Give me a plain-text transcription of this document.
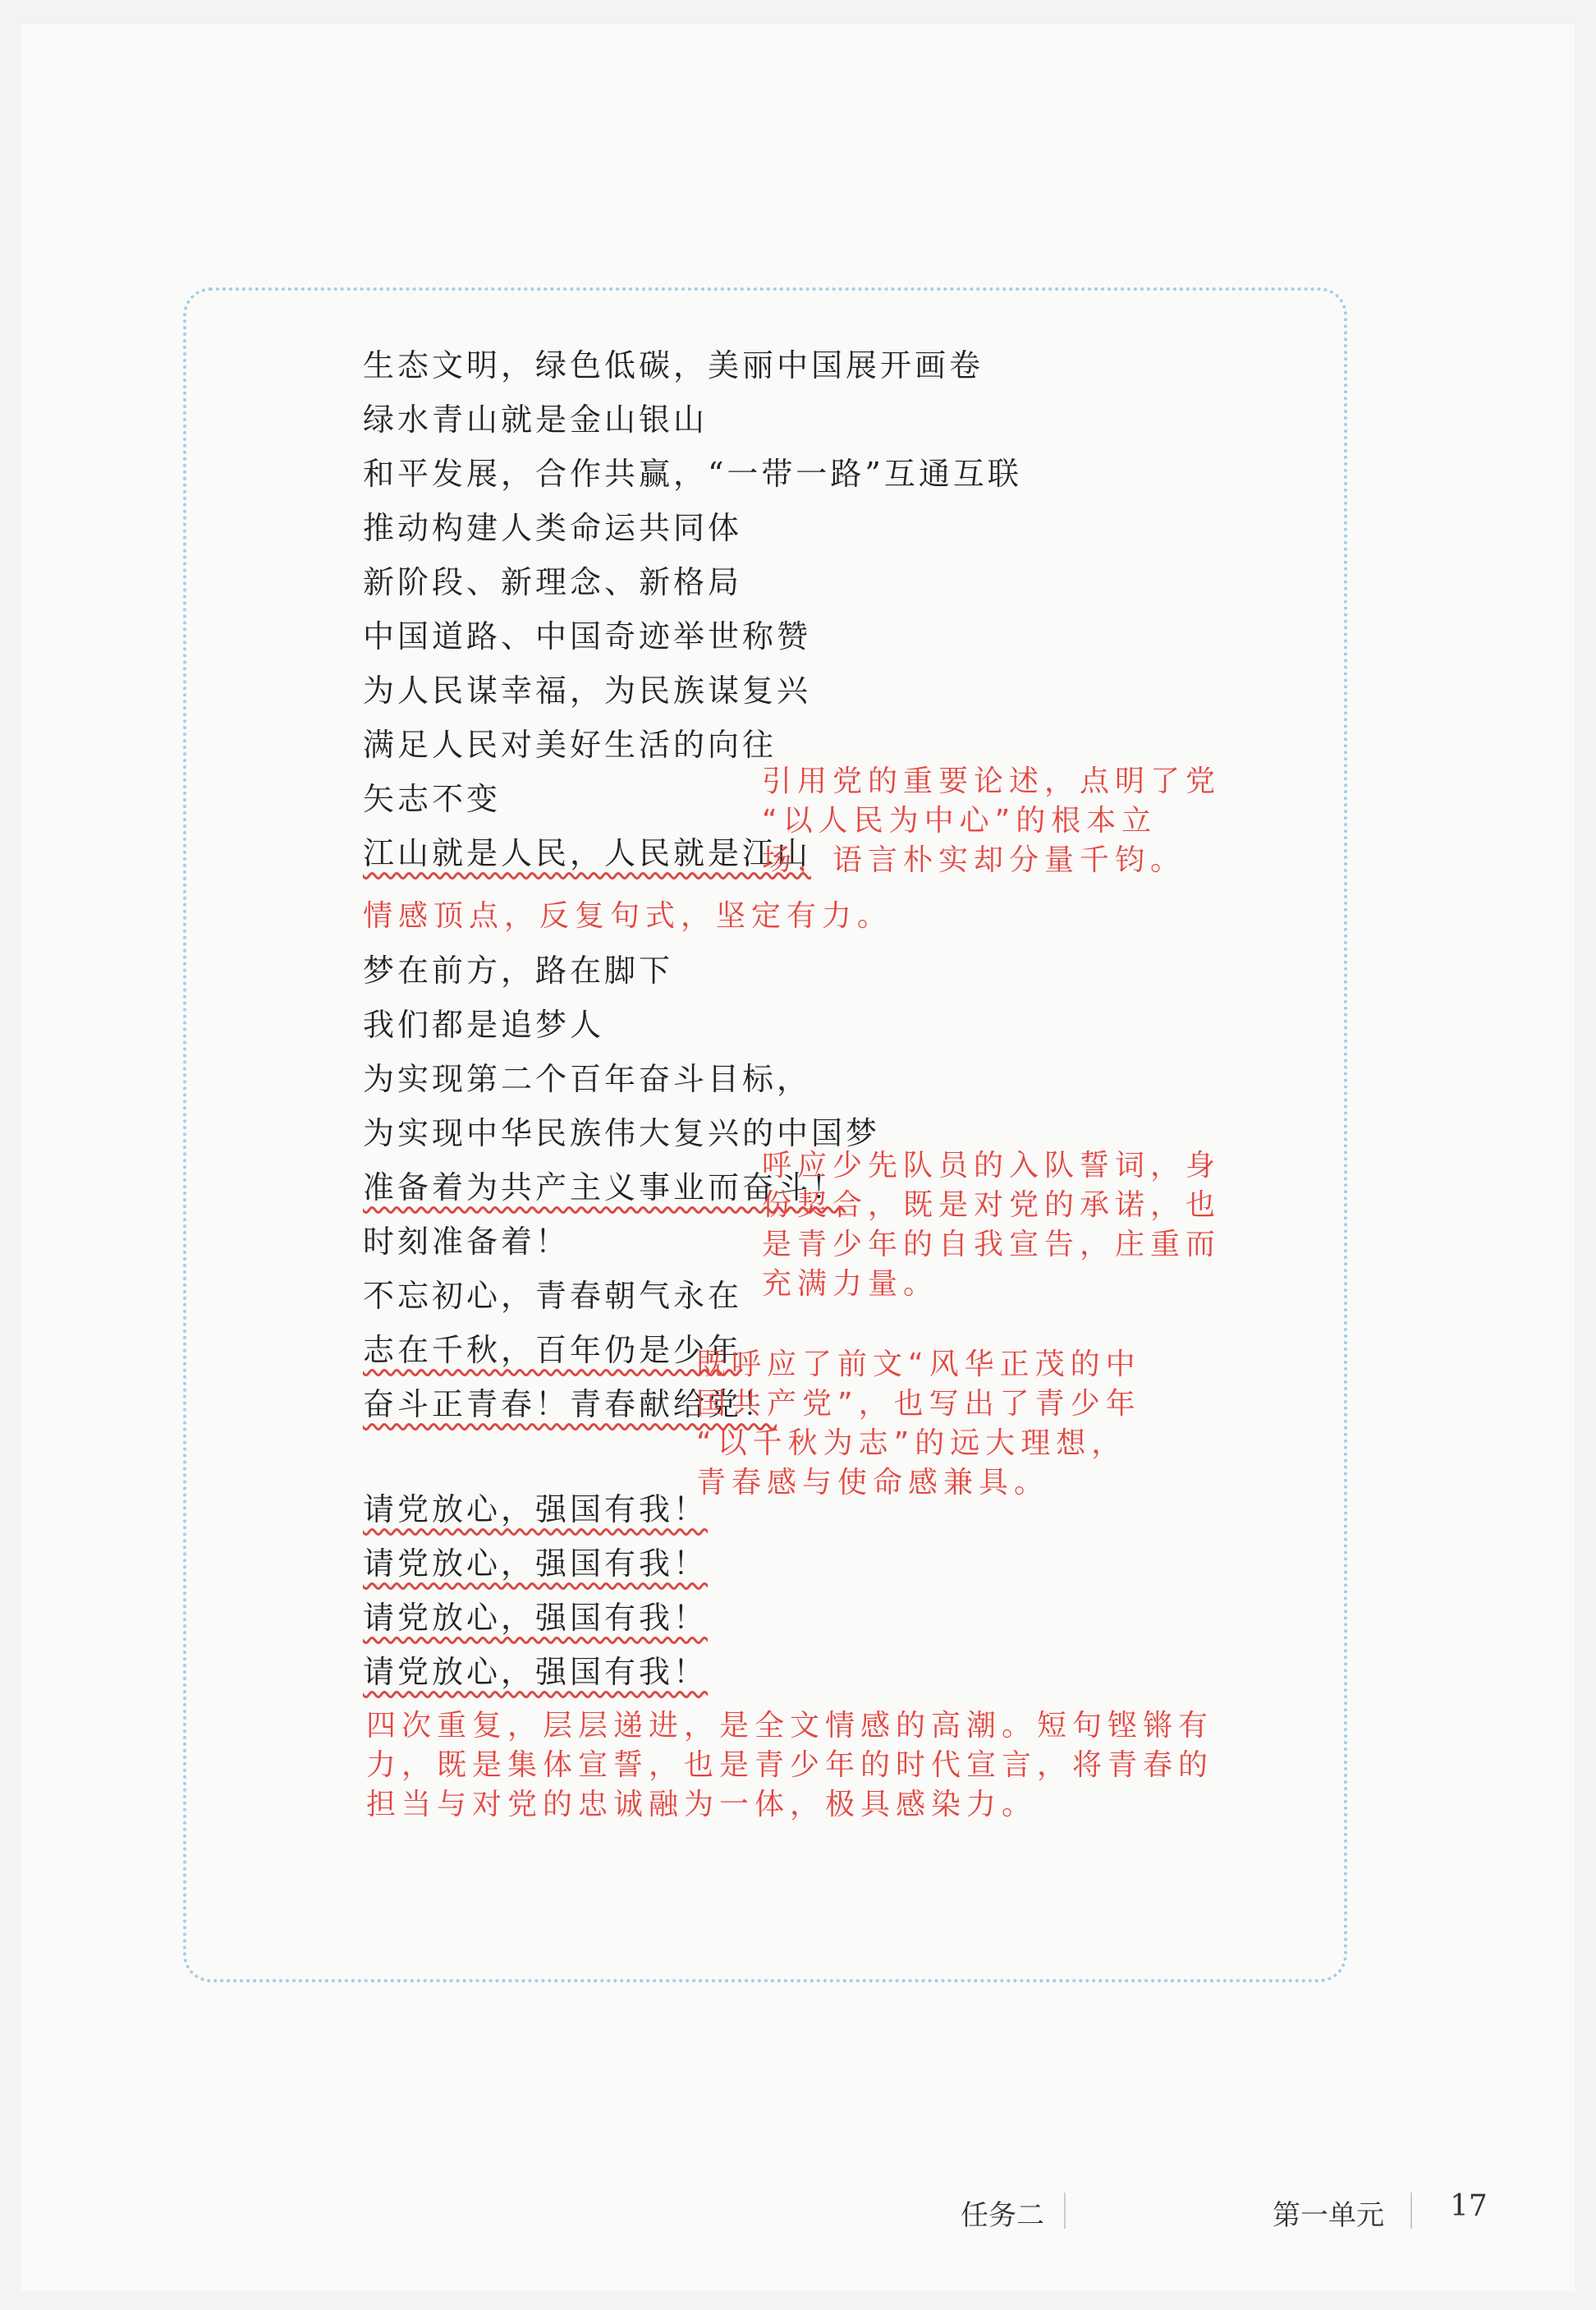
生态文明，绿色低碳，美丽中国展开画卷
绿水青山就是金山银山
和平发展，合作共赢，“一带一路”互通互联
推动构建人类命运共同体
新阶段、新理念、新格局
中国道路、中国奇迹举世称赞
为人民谋幸福，为民族谋复兴
满足人民对美好生活的向往
矢志不变
江山就是人民，人民就是江山
引用党的重要论述，点明了党
“以人民为中心”的根本立
场，语言朴实却分量千钧。
情感顶点，反复句式，坚定有力。
梦在前方，路在脚下
我们都是追梦人
为实现第二个百年奋斗目标，
为实现中华民族伟大复兴的中国梦
准备着为共产主义事业而奋斗！
时刻准备着！
不忘初心，青春朝气永在
志在千秋，百年仍是少年
奋斗正青春！青春献给党！
呼应少先队员的入队誓词，身
份契合，既是对党的承诺，也
是青少年的自我宣告，庄重而
充满力量。
既呼应了前文“风华正茂的中
国共产党”，也写出了青少年
“以千秋为志”的远大理想，
青春感与使命感兼具。
请党放心，强国有我！
请党放心，强国有我！
请党放心，强国有我！
请党放心，强国有我！
四次重复，层层递进，是全文情感的高潮。短句铿锵有
力，既是集体宣誓，也是青少年的时代宣言，将青春的
担当与对党的忠诚融为一体，极具感染力。
任务二	第一单元 17
